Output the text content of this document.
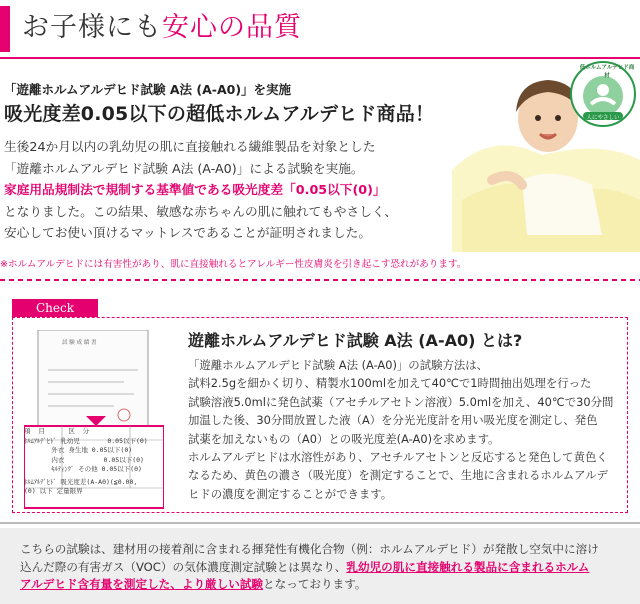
お子様にも安心の品質
「遊離ホルムアルデヒド試験 A法 (A-A0)」を実施
吸光度差0.05以下の超低ホルムアルデヒド商品！
生後24か月以内の乳幼児の肌に直接触れる繊維製品を対象とした
「遊離ホルムアルデヒド試験 A法 (A-A0)」による試験を実施。
家庭用品規制法で規制する基準値である吸光度差「0.05以下(0)」
となりました。この結果、敏感な赤ちゃんの肌に触れてもやさしく、
安心してお使い頂けるマットレスであることが証明されました。
※ホルムアルデヒドには有害性があり、肌に直接触れるとアレルギー性皮膚炎を引き起こす恐れがあります。
低ホルムアルデヒド商材
人にやさしい
Check
試 験 成 績 書
項 目	区 分
ﾎﾙﾑｱﾙﾃﾞﾋﾄﾞ 乳幼児	0.05以下(0)
外衣 身生地 0.05以下(0)
内衣	0.05以下(0)
ｷﾙﾃｨﾝｸﾞ その他 0.05以下(0)
ﾎﾙﾑｱﾙﾃﾞﾋﾄﾞ 吸光度差(A-A0)(≦0.00,
(0) 以下 定量限界
遊離ホルムアルデヒド試験 A法 (A-A0) とは?
「遊離ホルムアルデヒド試験 A法 (A-A0)」の試験方法は、
試料2.5gを細かく切り、精製水100mlを加えて40℃で1時間抽出処理を行った
試験溶液5.0mlに発色試薬（アセチルアセトン溶液）5.0mlを加え、40℃で30分間
加温した後、30分間放置した液（A）を分光光度計を用い吸光度を測定し、発色
試薬を加えないもの（A0）との吸光度差(A-A0)を求めます。
ホルムアルデヒドは水溶性があり、アセチルアセトンと反応すると発色して黄色く
なるため、黄色の濃さ（吸光度）を測定することで、生地に含まれるホルムアルデ
ヒドの濃度を測定することができます。
こちらの試験は、建材用の接着剤に含まれる揮発性有機化合物（例：ホルムアルデヒド）が発散し空気中に溶け
込んだ際の有害ガス（VOC）の気体濃度測定試験とは異なり、乳幼児の肌に直接触れる製品に含まれるホルム
アルデヒド含有量を測定した、より厳しい試験となっております。
